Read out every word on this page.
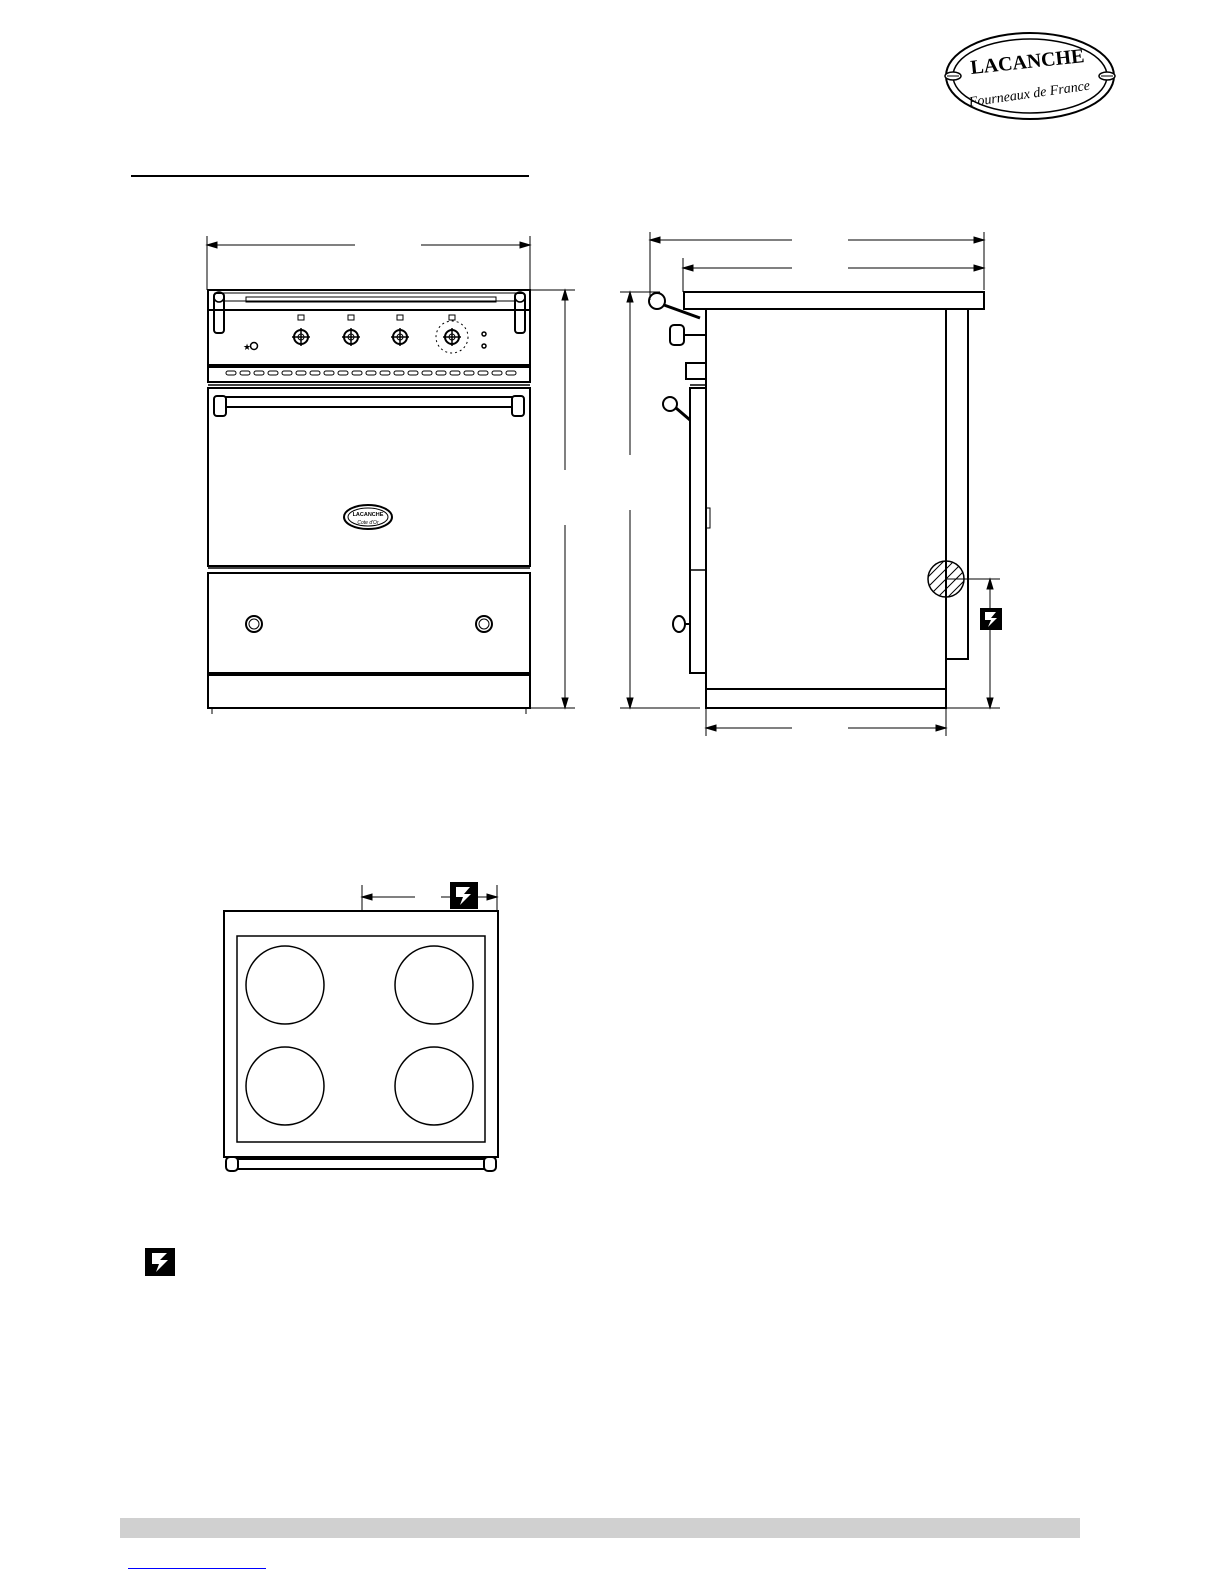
LACANCHE
Fourneaux de France
★
LACANCHE
Cote d'Or
